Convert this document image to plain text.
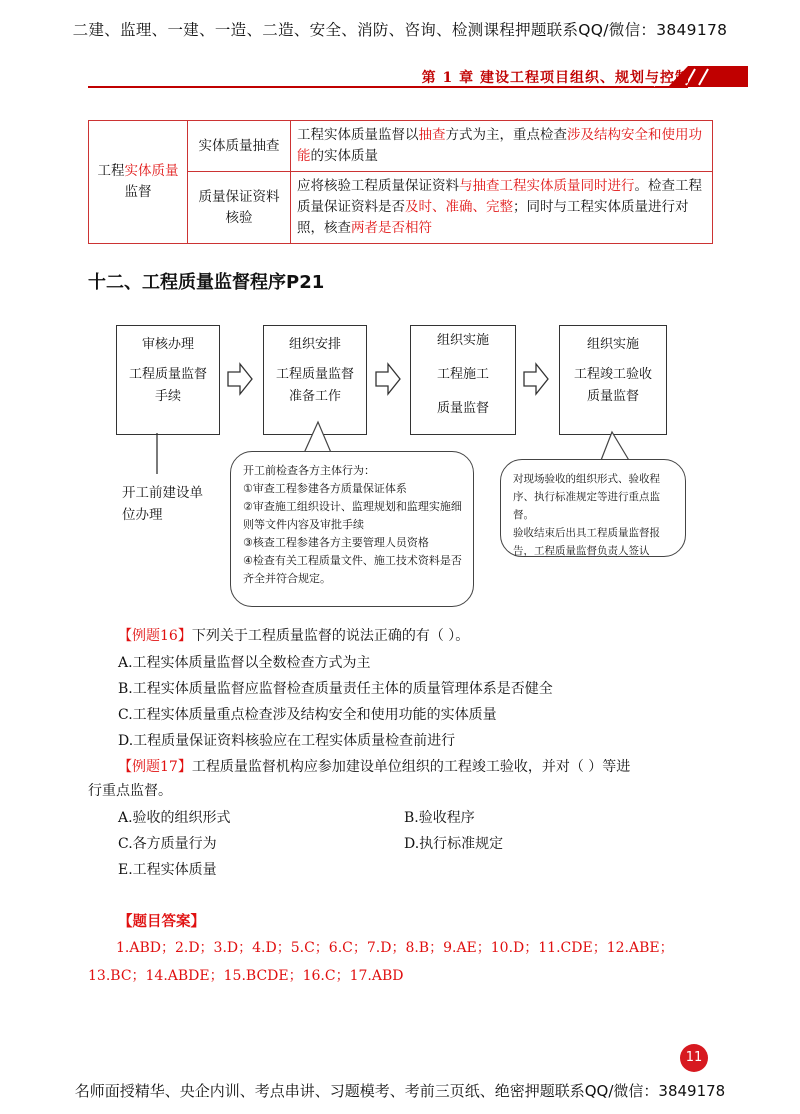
二建、监理、一建、一造、二造、安全、消防、咨询、检测课程押题联系QQ/微信：3849178
第 1 章 建设工程项目组织、规划与控制
工程实体质量
监督	实体质量抽查	工程实体质量监督以抽查方式为主，重点检查涉及结构安全和使用功能的实体质量
	质量保证资料核验	应将核验工程质量保证资料与抽查工程实体质量同时进行。检查工程质量保证资料是否及时、准确、完整；同时与工程实体质量进行对照，核查两者是否相符
十二、工程质量监督程序P21
审核办理
工程质量监督
手续
组织安排
工程质量监督
准备工作
组织实施
工程施工
质量监督
组织实施
工程竣工验收
质量监督
开工前建设单位办理
开工前检查各方主体行为：
①审查工程参建各方质量保证体系
②审查施工组织设计、监理规划和监理实施细则等文件内容及审批手续
③核查工程参建各方主要管理人员资格
④检查有关工程质量文件、施工技术资料是否齐全并符合规定。
对现场验收的组织形式、验收程序、执行标准规定等进行重点监督。
验收结束后出具工程质量监督报告，工程质量监督负责人签认
【例题16】下列关于工程质量监督的说法正确的有（ ）。
A.工程实体质量监督以全数检查方式为主
B.工程实体质量监督应监督检查质量责任主体的质量管理体系是否健全
C.工程实体质量重点检查涉及结构安全和使用功能的实体质量
D.工程质量保证资料核验应在工程实体质量检查前进行
【例题17】工程质量监督机构应参加建设单位组织的工程竣工验收，并对（ ）等进
行重点监督。
A.验收的组织形式	B.验收程序
C.各方质量行为	D.执行标准规定
E.工程实体质量
【题目答案】
1.ABD；2.D；3.D；4.D；5.C；6.C；7.D；8.B；9.AE；10.D；11.CDE；12.ABE；13.BC；14.ABDE；15.BCDE；16.C；17.ABD
11
名师面授精华、央企内训、考点串讲、习题模考、考前三页纸、绝密押题联系QQ/微信：3849178
